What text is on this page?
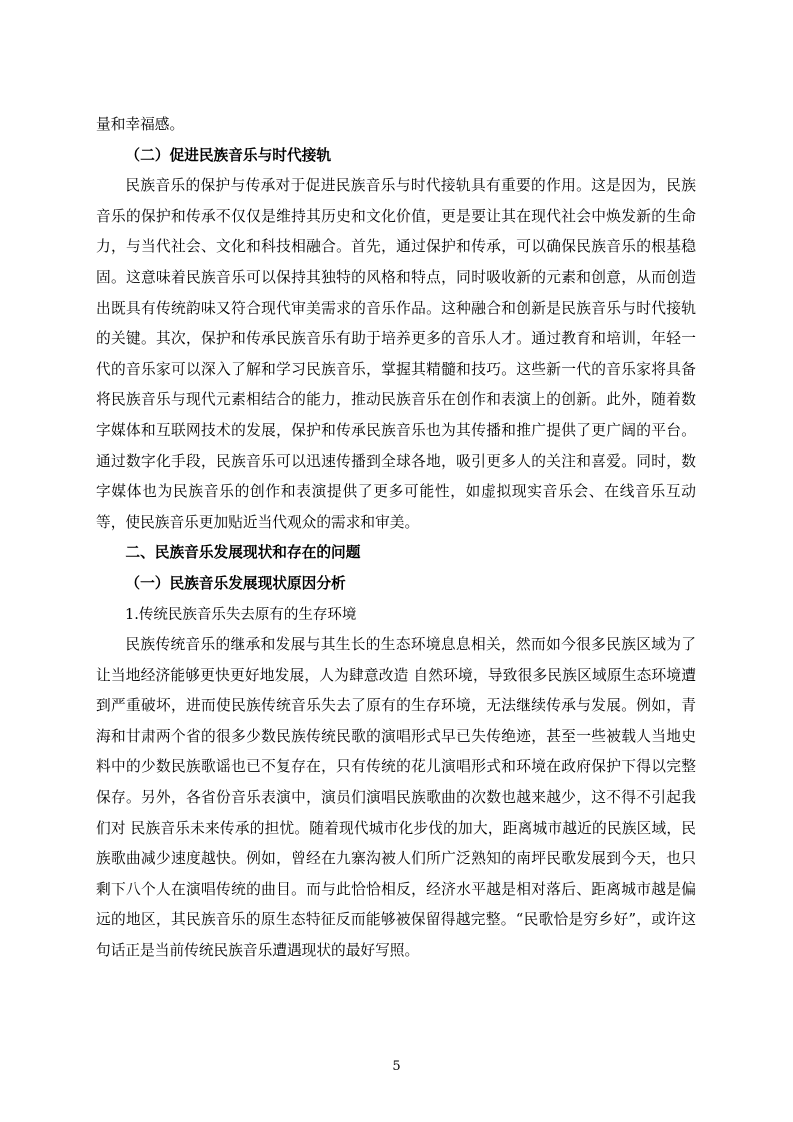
量和幸福感。

（二）促进民族音乐与时代接轨

民族音乐的保护与传承对于促进民族音乐与时代接轨具有重要的作用。这是因为，民族音乐的保护和传承不仅仅是维持其历史和文化价值，更是要让其在现代社会中焕发新的生命力，与当代社会、文化和科技相融合。首先，通过保护和传承，可以确保民族音乐的根基稳固。这意味着民族音乐可以保持其独特的风格和特点，同时吸收新的元素和创意，从而创造出既具有传统韵味又符合现代审美需求的音乐作品。这种融合和创新是民族音乐与时代接轨的关键。其次，保护和传承民族音乐有助于培养更多的音乐人才。通过教育和培训，年轻一代的音乐家可以深入了解和学习民族音乐，掌握其精髓和技巧。这些新一代的音乐家将具备将民族音乐与现代元素相结合的能力，推动民族音乐在创作和表演上的创新。此外，随着数字媒体和互联网技术的发展，保护和传承民族音乐也为其传播和推广提供了更广阔的平台。通过数字化手段，民族音乐可以迅速传播到全球各地，吸引更多人的关注和喜爱。同时，数字媒体也为民族音乐的创作和表演提供了更多可能性，如虚拟现实音乐会、在线音乐互动等，使民族音乐更加贴近当代观众的需求和审美。

二、民族音乐发展现状和存在的问题

（一）民族音乐发展现状原因分析

1.传统民族音乐失去原有的生存环境

民族传统音乐的继承和发展与其生长的生态环境息息相关，然而如今很多民族区域为了让当地经济能够更快更好地发展，人为肆意改造 自然环境，导致很多民族区域原生态环境遭到严重破坏，进而使民族传统音乐失去了原有的生存环境，无法继续传承与发展。例如，青海和甘肃两个省的很多少数民族传统民歌的演唱形式早已失传绝迹，甚至一些被载人当地史料中的少数民族歌谣也已不复存在，只有传统的花儿演唱形式和环境在政府保护下得以完整保存。另外，各省份音乐表演中，演员们演唱民族歌曲的次数也越来越少，这不得不引起我们对 民族音乐未来传承的担忧。随着现代城市化步伐的加大，距离城市越近的民族区域，民族歌曲减少速度越快。例如，曾经在九寨沟被人们所广泛熟知的南坪民歌发展到今天，也只剩下八个人在演唱传统的曲目。而与此恰恰相反，经济水平越是相对落后、距离城市越是偏远的地区，其民族音乐的原生态特征反而能够被保留得越完整。“民歌恰是穷乡好”，或许这句话正是当前传统民族音乐遭遇现状的最好写照。

5
